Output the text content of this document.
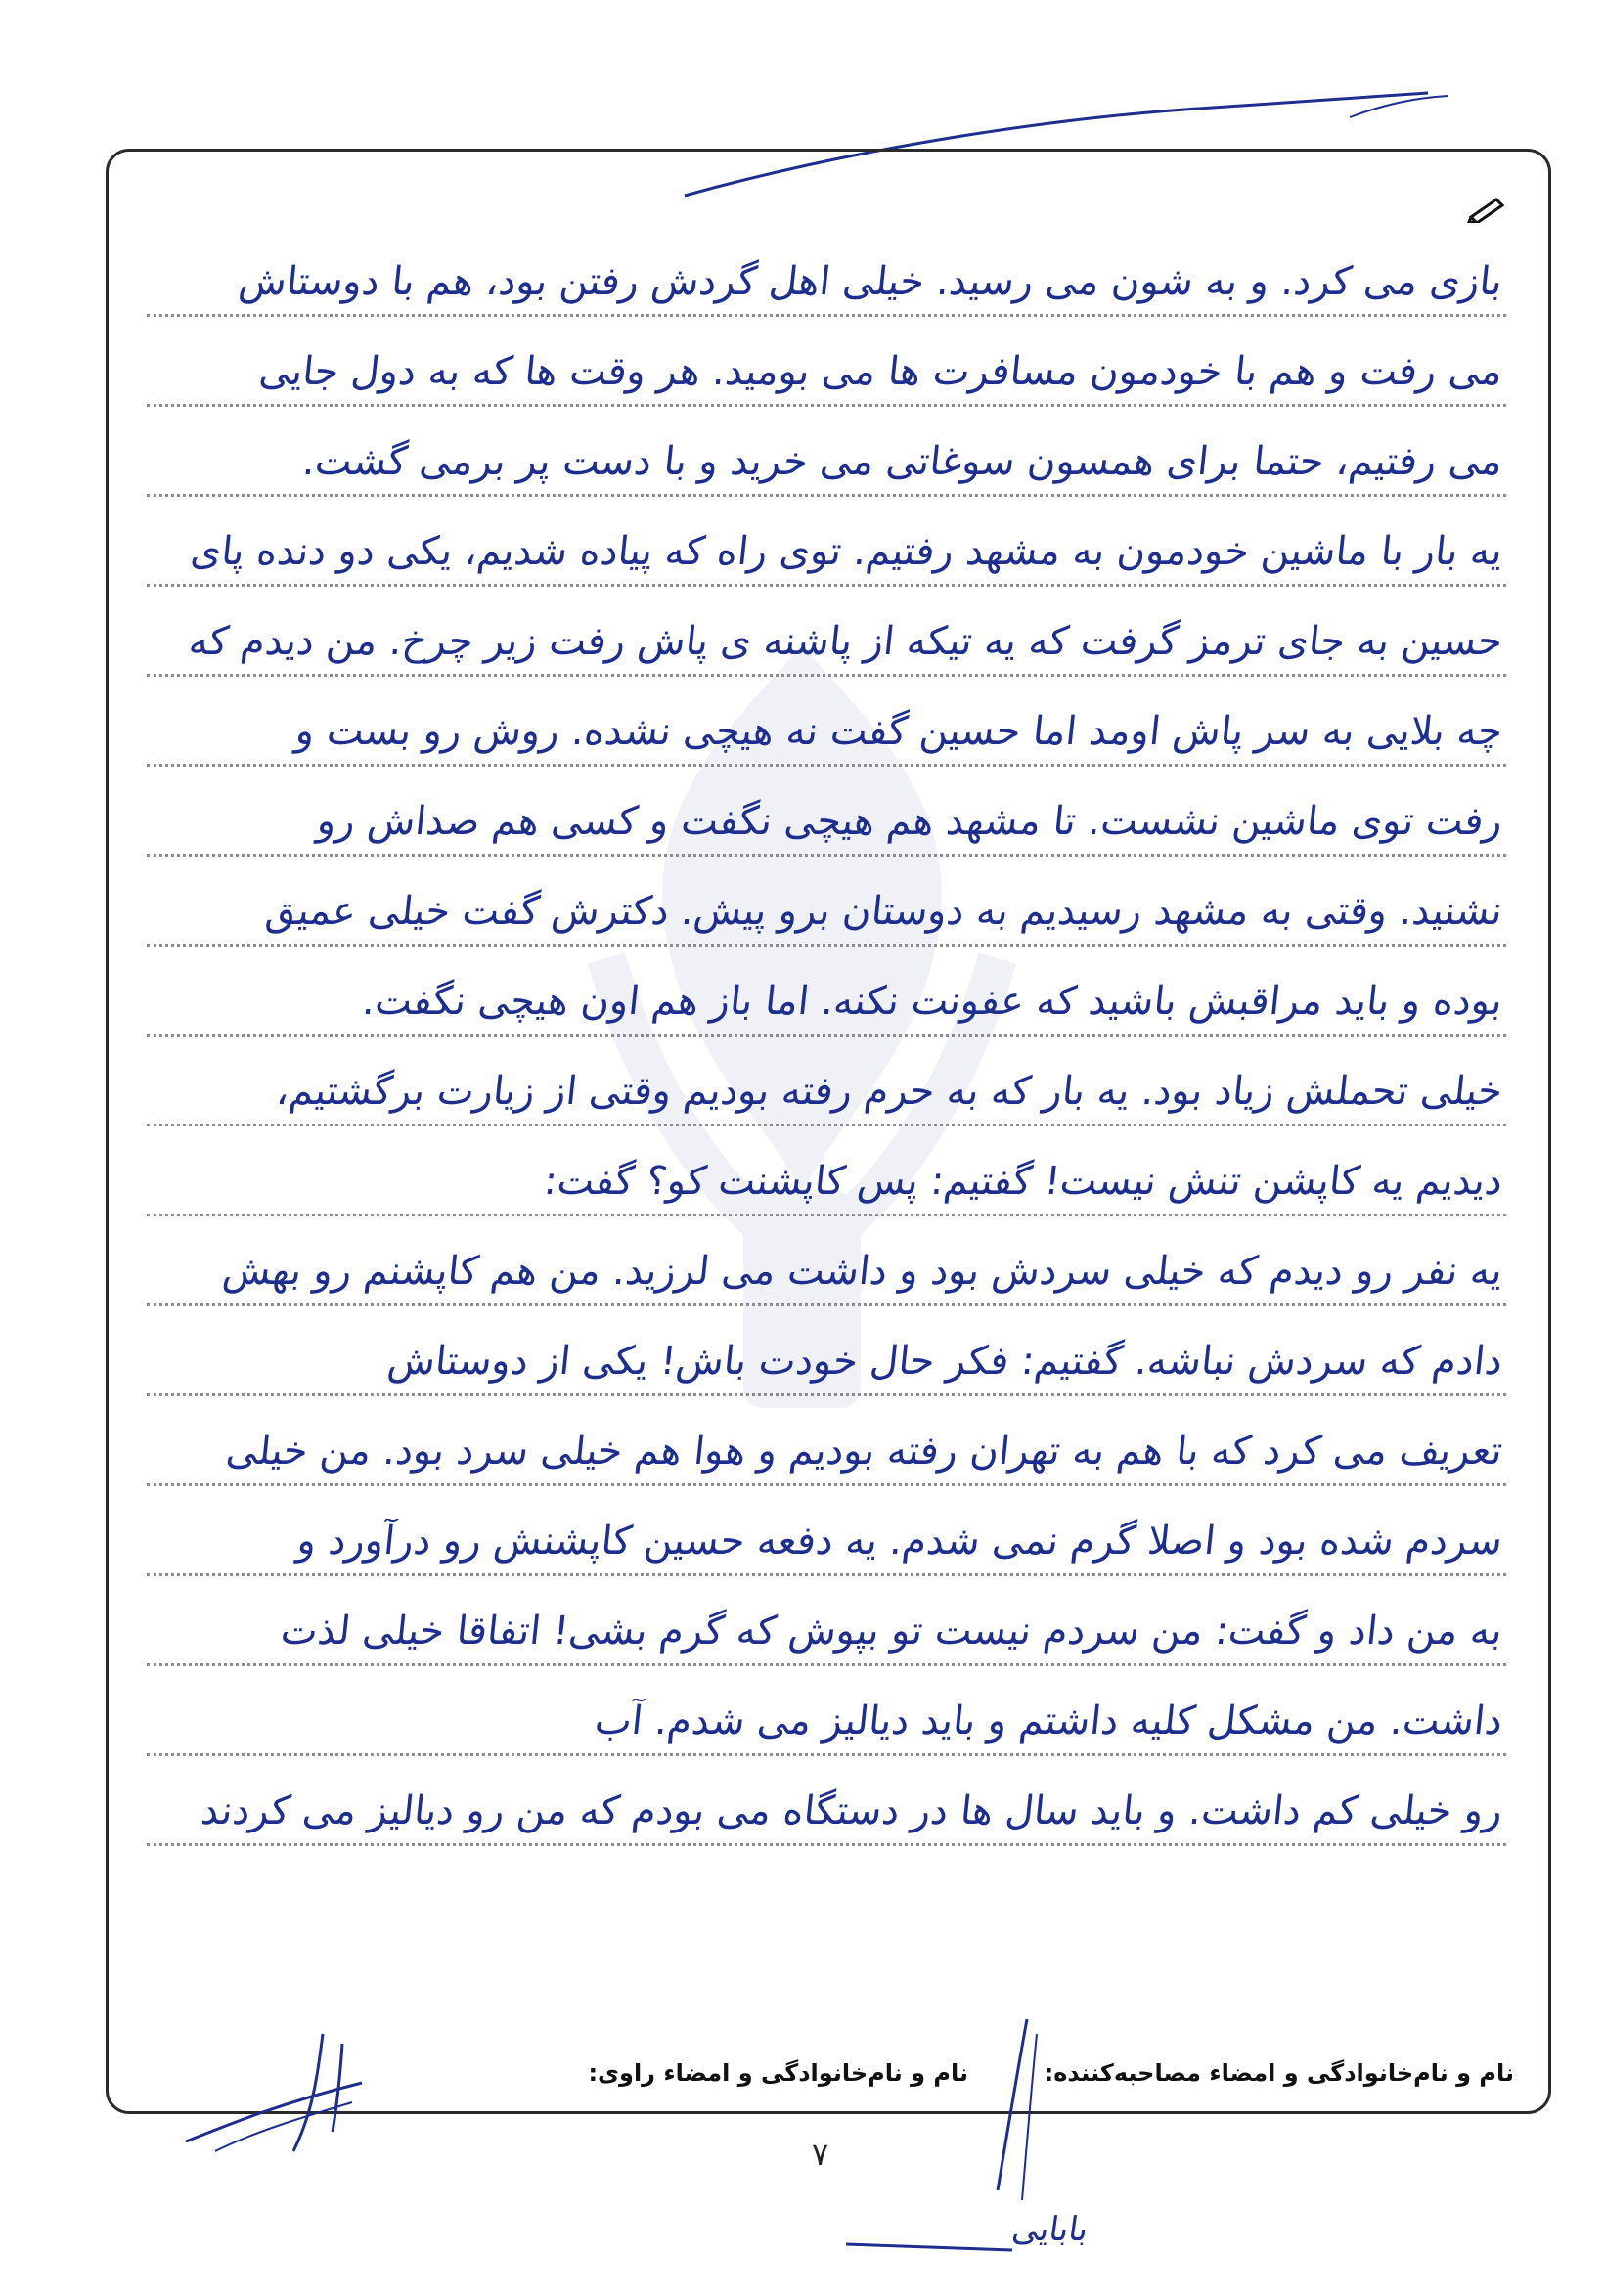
بازی می کرد. و به شون می رسید. خیلی اهل گردش رفتن بود، هم با دوستاش
می رفت و هم با خودمون مسافرت ها می بومید. هر وقت ها که به دول جایی
می رفتیم، حتما برای همسون سوغاتی می خرید و با دست پر برمی گشت.
یه بار با ماشین خودمون به مشهد رفتیم. توی راه که پیاده شدیم، یکی دو دنده پای
حسین به جای ترمز گرفت که یه تیکه از پاشنه ی پاش رفت زیر چرخ. من دیدم که
چه بلایی به سر پاش اومد اما حسین گفت نه هیچی نشده. روش رو بست و
رفت توی ماشین نشست. تا مشهد هم هیچی نگفت و کسی هم صداش رو
نشنید. وقتی به مشهد رسیدیم به دوستان برو پیش. دکترش گفت خیلی عمیق
بوده و باید مراقبش باشید که عفونت نکنه. اما باز هم اون هیچی نگفت.
خیلی تحملش زیاد بود. یه بار که به حرم رفته بودیم وقتی از زیارت برگشتیم،
دیدیم یه کاپشن تنش نیست! گفتیم: پس کاپشنت کو؟ گفت:
یه نفر رو دیدم که خیلی سردش بود و داشت می لرزید. من هم کاپشنم رو بهش
دادم که سردش نباشه. گفتیم: فکر حال خودت باش! یکی از دوستاش
تعریف می کرد که با هم به تهران رفته بودیم و هوا هم خیلی سرد بود. من خیلی
سردم شده بود و اصلا گرم نمی شدم. یه دفعه حسین کاپشنش رو درآورد و
به من داد و گفت: من سردم نیست تو بپوش که گرم بشی! اتفاقا خیلی لذت
داشت. من مشکل کلیه داشتم و باید دیالیز می شدم. آب
رو خیلی کم داشت. و باید سال ها در دستگاه می بودم که من رو دیالیز می کردند
نام و نام‌خانوادگی و امضاء مصاحبه‌کننده:
نام و نام‌خانوادگی و امضاء راوی:
بابایی
۷
